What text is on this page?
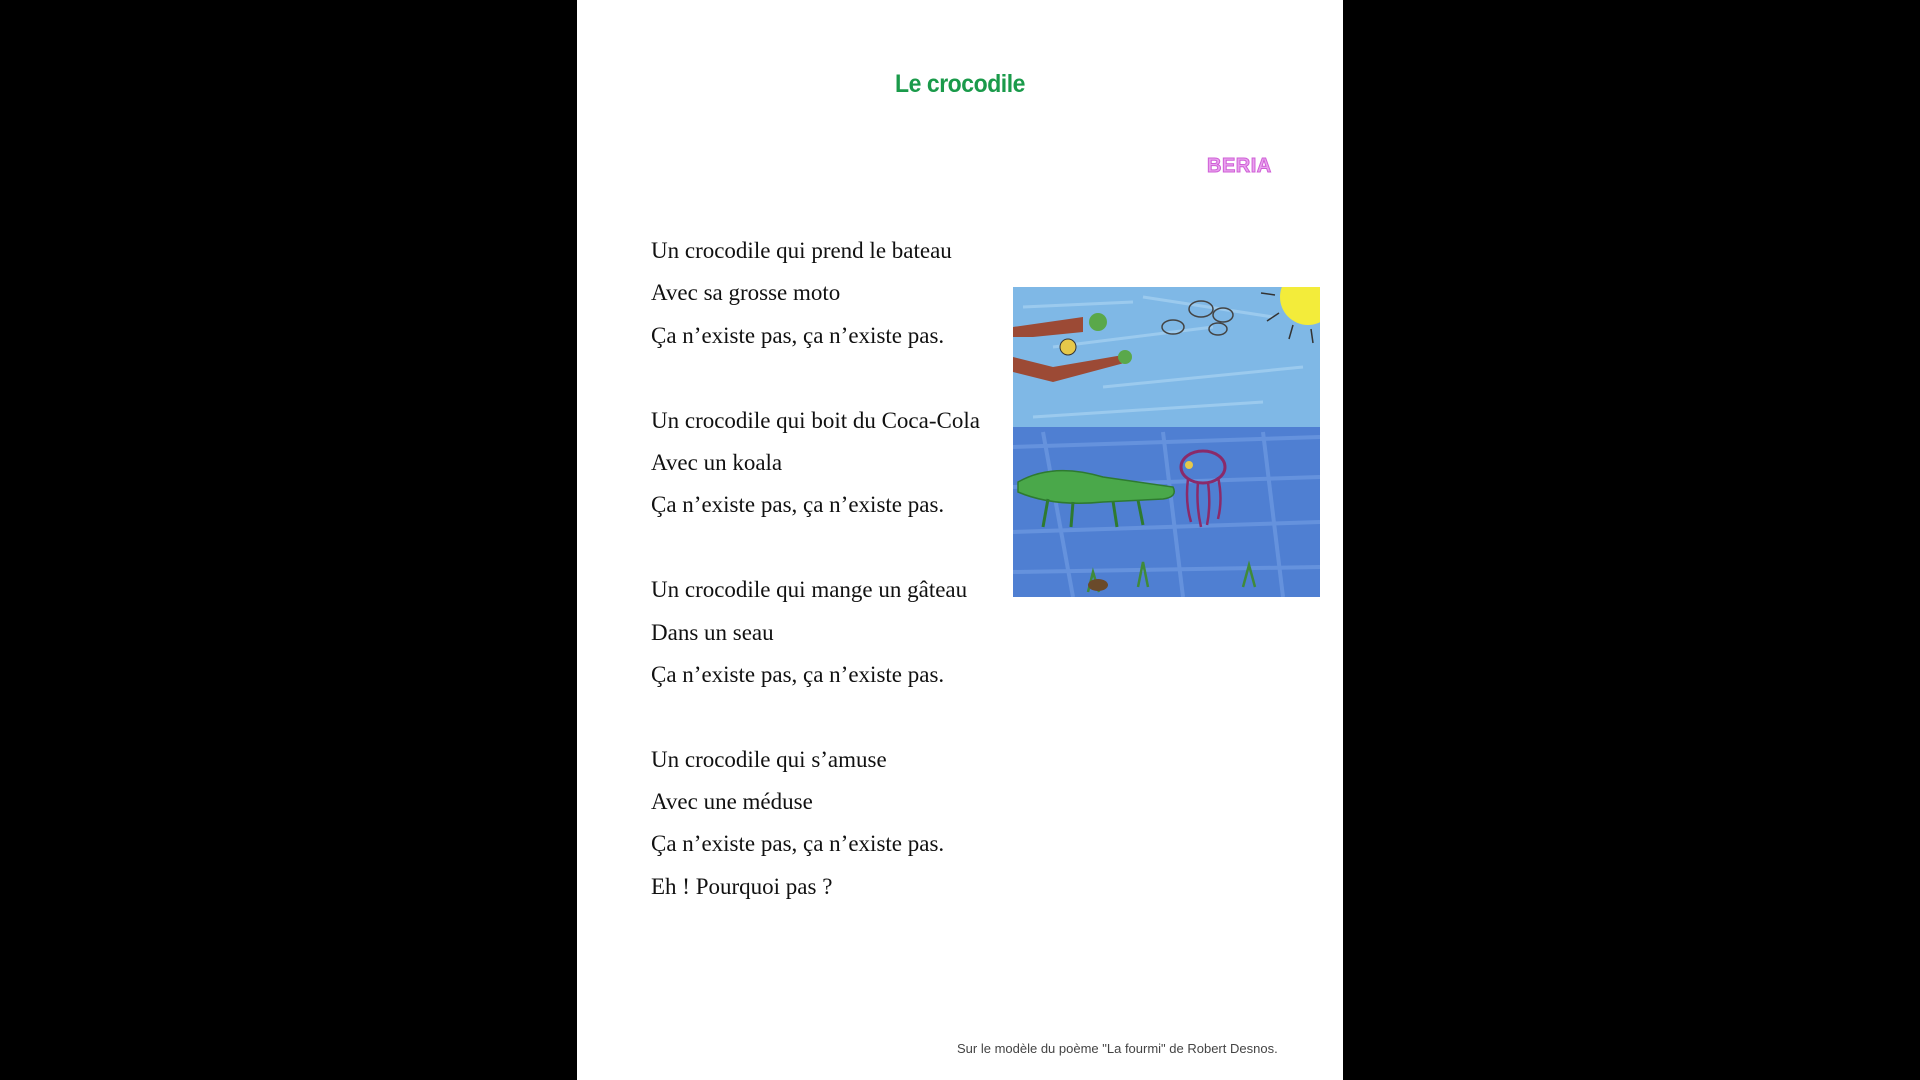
Le crocodile
BERIA
Un crocodile qui prend le bateau
Avec sa grosse moto
Ça n’existe pas, ça n’existe pas.
Un crocodile qui boit du Coca-Cola
Avec un koala
Ça n’existe pas, ça n’existe pas.
Un crocodile qui mange un gâteau
Dans un seau
Ça n’existe pas, ça n’existe pas.
Un crocodile qui s’amuse
Avec une méduse
Ça n’existe pas, ça n’existe pas.
Eh ! Pourquoi pas ?
Sur le modèle du poème "La fourmi" de Robert Desnos.
